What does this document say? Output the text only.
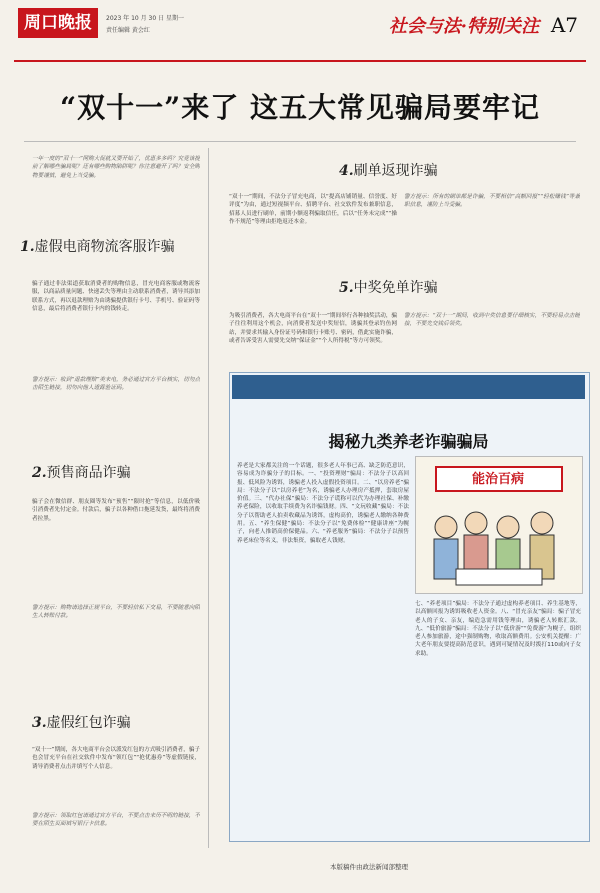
周口晚报	2023 年 10 月 30 日 星期一
责任编辑 黄会红	社会与法·特别关注 A7
“双十一”来了 这五大常见骗局要牢记
一年一度的“双十一”网购大促就又要开始了，优惠多多吗？究竟该提前了解哪些骗局呢？还有哪些购物陷阱呢？你注意避开了吗？安全购物要谨慎，避免上当受骗。
1.虚假电商物流客服诈骗
骗子通过非法渠道获取消费者的购物信息，冒充电商客服或物流客服，以商品质量问题、快递丢失等理由主动联系消费者，诱导其添加联系方式，再以退款理赔为由诱骗提供银行卡号、手机号、验证码等信息，最后将消费者银行卡内的钱转走。
警方提示：收到“退款理赔”类来电，务必通过官方平台核实，切勿点击陌生链接，切勿向他人透露验证码。
2.预售商品诈骗
骗子会在微信群、朋友圈等发布“预售”“限时抢”等信息，以低价吸引消费者先付定金。付款后，骗子以各种借口拖延发货，最终将消费者拉黑。
警方提示：购物请选择正规平台，不要轻信私下交易，不要随意向陌生人转账付款。
3.虚假红包诈骗
“双十一”期间，各大电商平台会以派发红包的方式吸引消费者，骗子也会冒充平台在社交软件中发布“领红包”“抢优惠券”等虚假链接，诱导消费者点击并填写个人信息。
警方提示：领取红包请通过官方平台，不要点击来历不明的链接，不要在陌生页面填写银行卡信息。
4.刷单返现诈骗
“双十一”期间，不法分子冒充电商，以“提高店铺销量、信誉度、好评度”为由，通过短视频平台、招聘平台、社交软件发布兼职信息，招募人员进行刷单，前期小额返利骗取信任，后以“任务未完成”“操作不规范”等理由拒绝返还本金。
警方提示：所有的刷单都是诈骗，不要相信“高额回报”“轻松赚钱”等兼职信息，谨防上当受骗。
5.中奖免单诈骗
为吸引消费者，各大电商平台在“双十一”期间举行各种抽奖活动，骗子往往利用这个机会，向消费者发送中奖短信，诱骗其登录钓鱼网站，并要求其输入身份证号码和银行卡账号、密码，借此实施诈骗，或者告诉受害人需要先交纳“保证金”“个人所得税”等方可领奖。
警方提示：“双十一”期间，收到中奖信息要仔细核实，不要轻易点击链接，不要先交钱后领奖。
揭秘九类养老诈骗骗局
养老是大家都关注的一个话题，很多老人年事已高、缺乏防范意识，容易成为诈骗分子的目标。一、“投资理财”骗局：不法分子以高回报、低风险为诱饵，诱骗老人投入虚假投资项目。二、“以房养老”骗局：不法分子以“以房养老”为名，诱骗老人办理房产抵押，套取房屋价值。三、“代办社保”骗局：不法分子谎称可以代为办理社保、补缴养老保险，以收取手续费为名诈骗钱财。四、“文玩收藏”骗局：不法分子以帮助老人拍卖收藏品为诱饵，虚构高价，诱骗老人缴纳各种费用。五、“养生保健”骗局：不法分子以“免费体检”“健康讲座”为幌子，向老人推销高价保健品。六、“养老服务”骗局：不法分子以预售养老床位等名义，非法集资，骗取老人钱财。
能治百病
七、“养老项目”骗局：不法分子通过虚构养老项目、养生基地等，以高额回报为诱饵吸收老人资金。八、“冒充亲友”骗局：骗子冒充老人的子女、亲友，编造急需用钱等理由，诱骗老人转账汇款。九、“低价旅游”骗局：不法分子以“低价游”“免费游”为幌子，组织老人参加旅游，途中强制购物，收取高额费用。公安机关提醒：广大老年朋友要提高防范意识，遇到可疑情况及时拨打110或向子女求助。
本版稿件由政法新闻部整理
